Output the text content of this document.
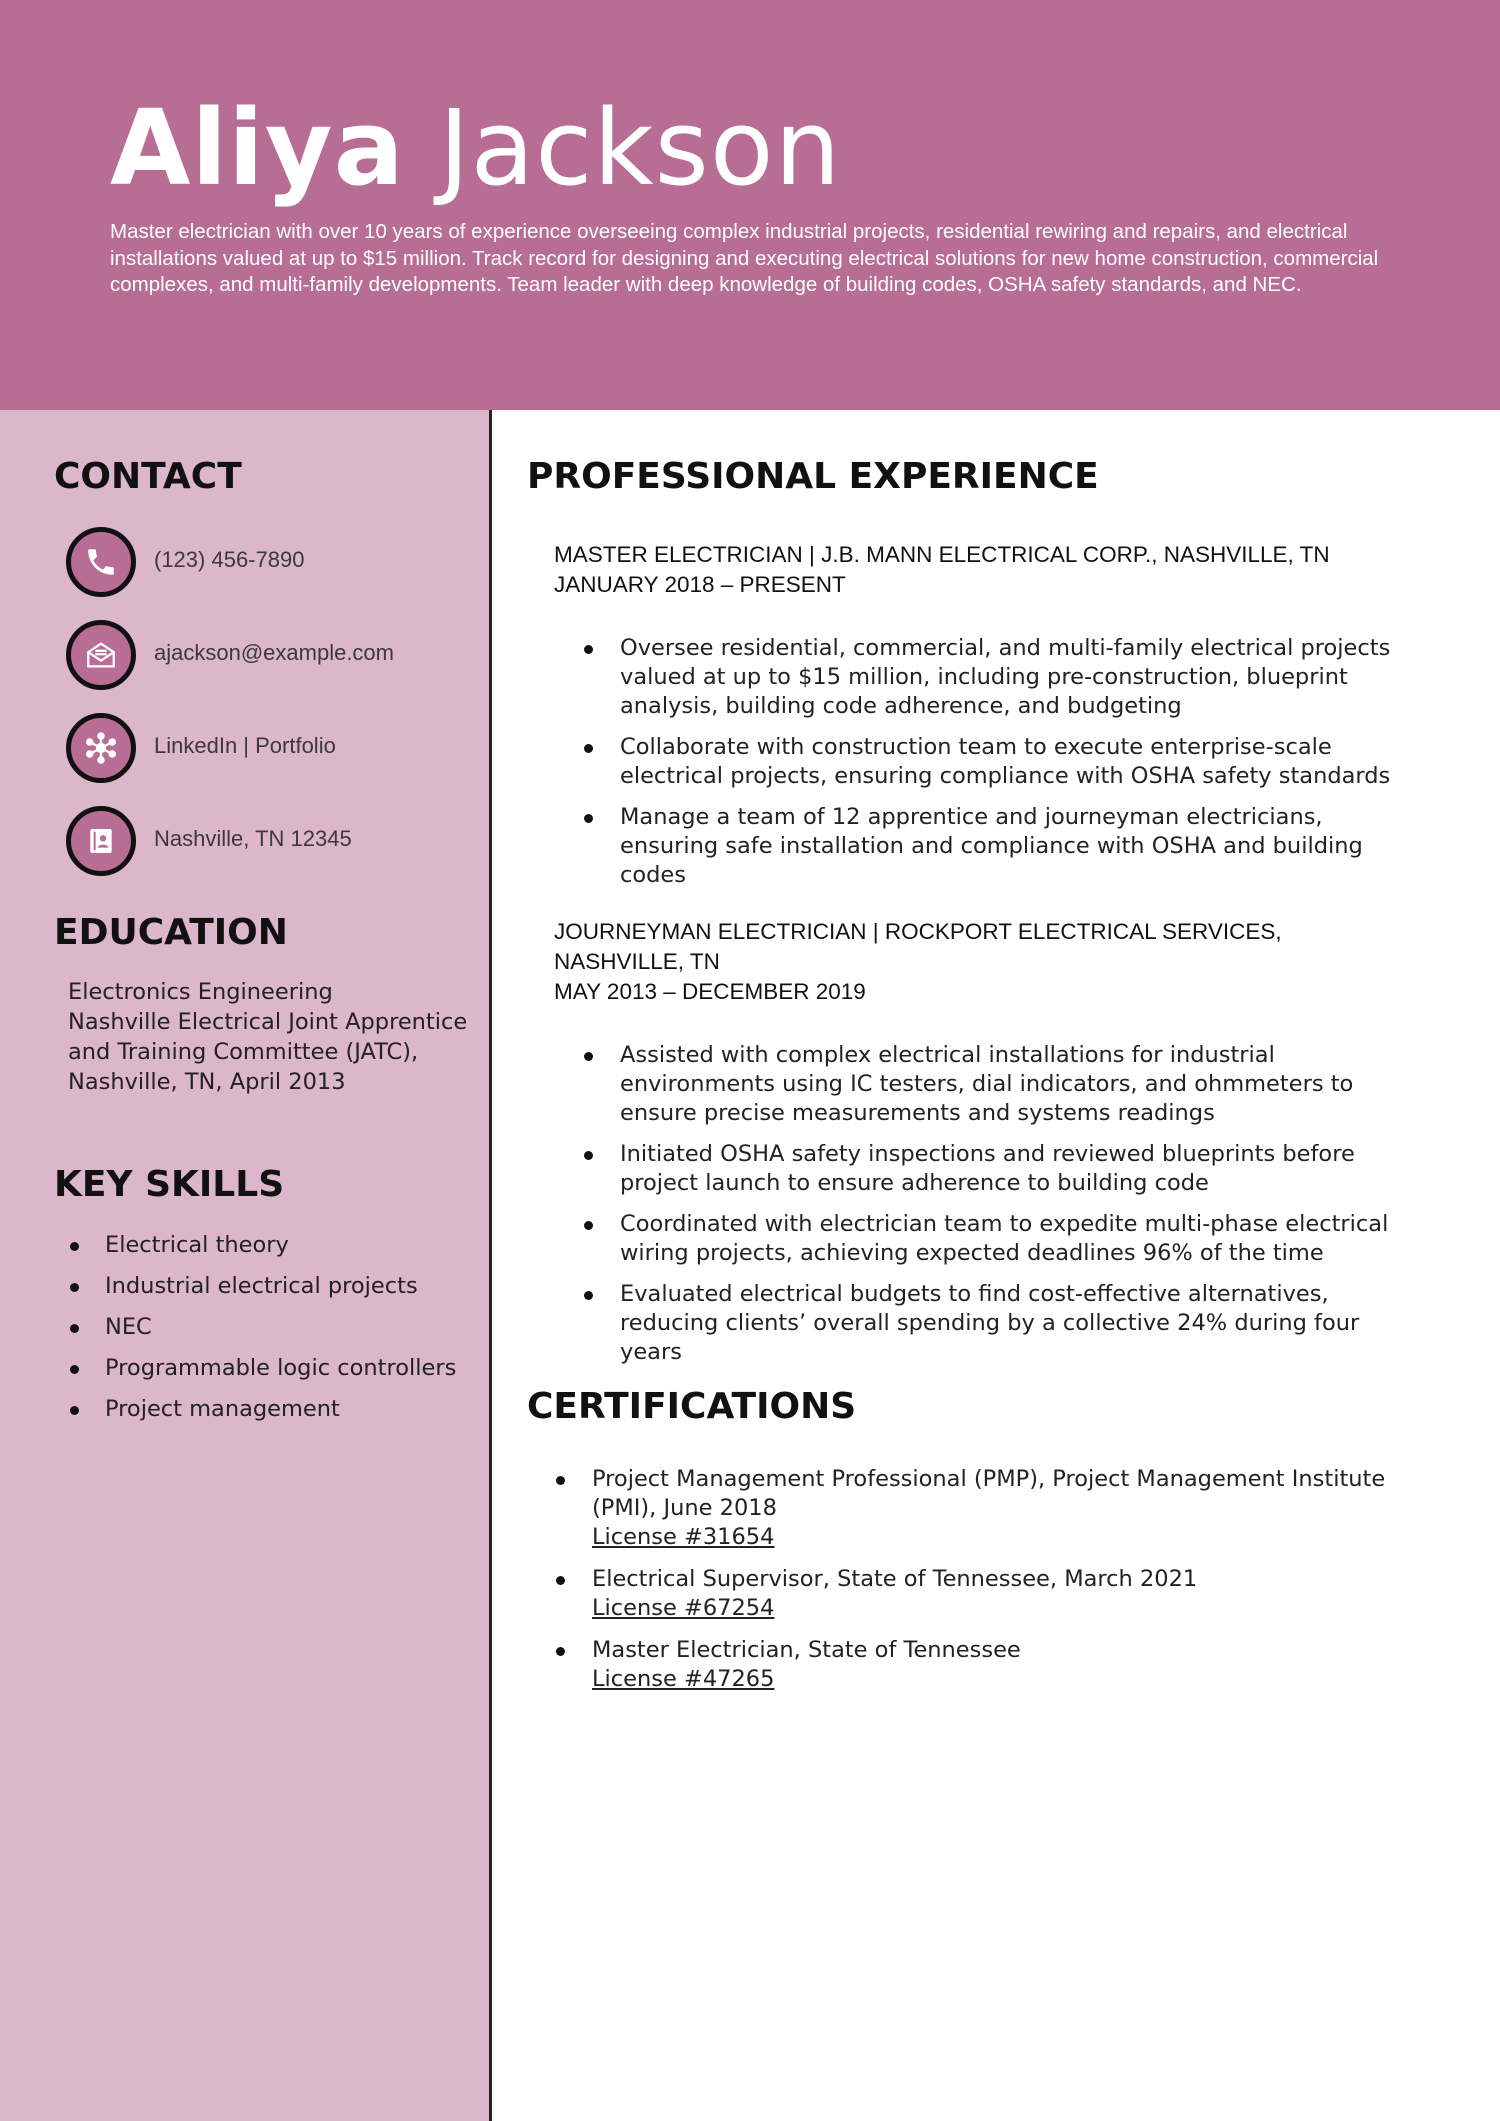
Aliya Jackson

Master electrician with over 10 years of experience overseeing complex industrial projects, residential rewiring and repairs, and electrical installations valued at up to $15 million. Track record for designing and executing electrical solutions for new home construction, commercial complexes, and multi-family developments. Team leader with deep knowledge of building codes, OSHA safety standards, and NEC.

CONTACT
(123) 456-7890
ajackson@example.com
LinkedIn | Portfolio
Nashville, TN 12345
EDUCATION
Electronics Engineering
Nashville Electrical Joint Apprentice and Training Committee (JATC), Nashville, TN, April 2013
KEY SKILLS
Electrical theory
Industrial electrical projects
NEC
Programmable logic controllers
Project management
PROFESSIONAL EXPERIENCE
MASTER ELECTRICIAN | J.B. MANN ELECTRICAL CORP., NASHVILLE, TN
JANUARY 2018 – PRESENT
Oversee residential, commercial, and multi-family electrical projects valued at up to $15 million, including pre-construction, blueprint analysis, building code adherence, and budgeting
Collaborate with construction team to execute enterprise-scale electrical projects, ensuring compliance with OSHA safety standards
Manage a team of 12 apprentice and journeyman electricians, ensuring safe installation and compliance with OSHA and building codes
JOURNEYMAN ELECTRICIAN | ROCKPORT ELECTRICAL SERVICES, NASHVILLE, TN
MAY 2013 – DECEMBER 2019
Assisted with complex electrical installations for industrial environments using IC testers, dial indicators, and ohmmeters to ensure precise measurements and systems readings
Initiated OSHA safety inspections and reviewed blueprints before project launch to ensure adherence to building code
Coordinated with electrician team to expedite multi-phase electrical wiring projects, achieving expected deadlines 96% of the time
Evaluated electrical budgets to find cost-effective alternatives, reducing clients’ overall spending by a collective 24% during four years
CERTIFICATIONS
Project Management Professional (PMP), Project Management Institute (PMI), June 2018
License #31654
Electrical Supervisor, State of Tennessee, March 2021
License #67254
Master Electrician, State of Tennessee
License #47265
